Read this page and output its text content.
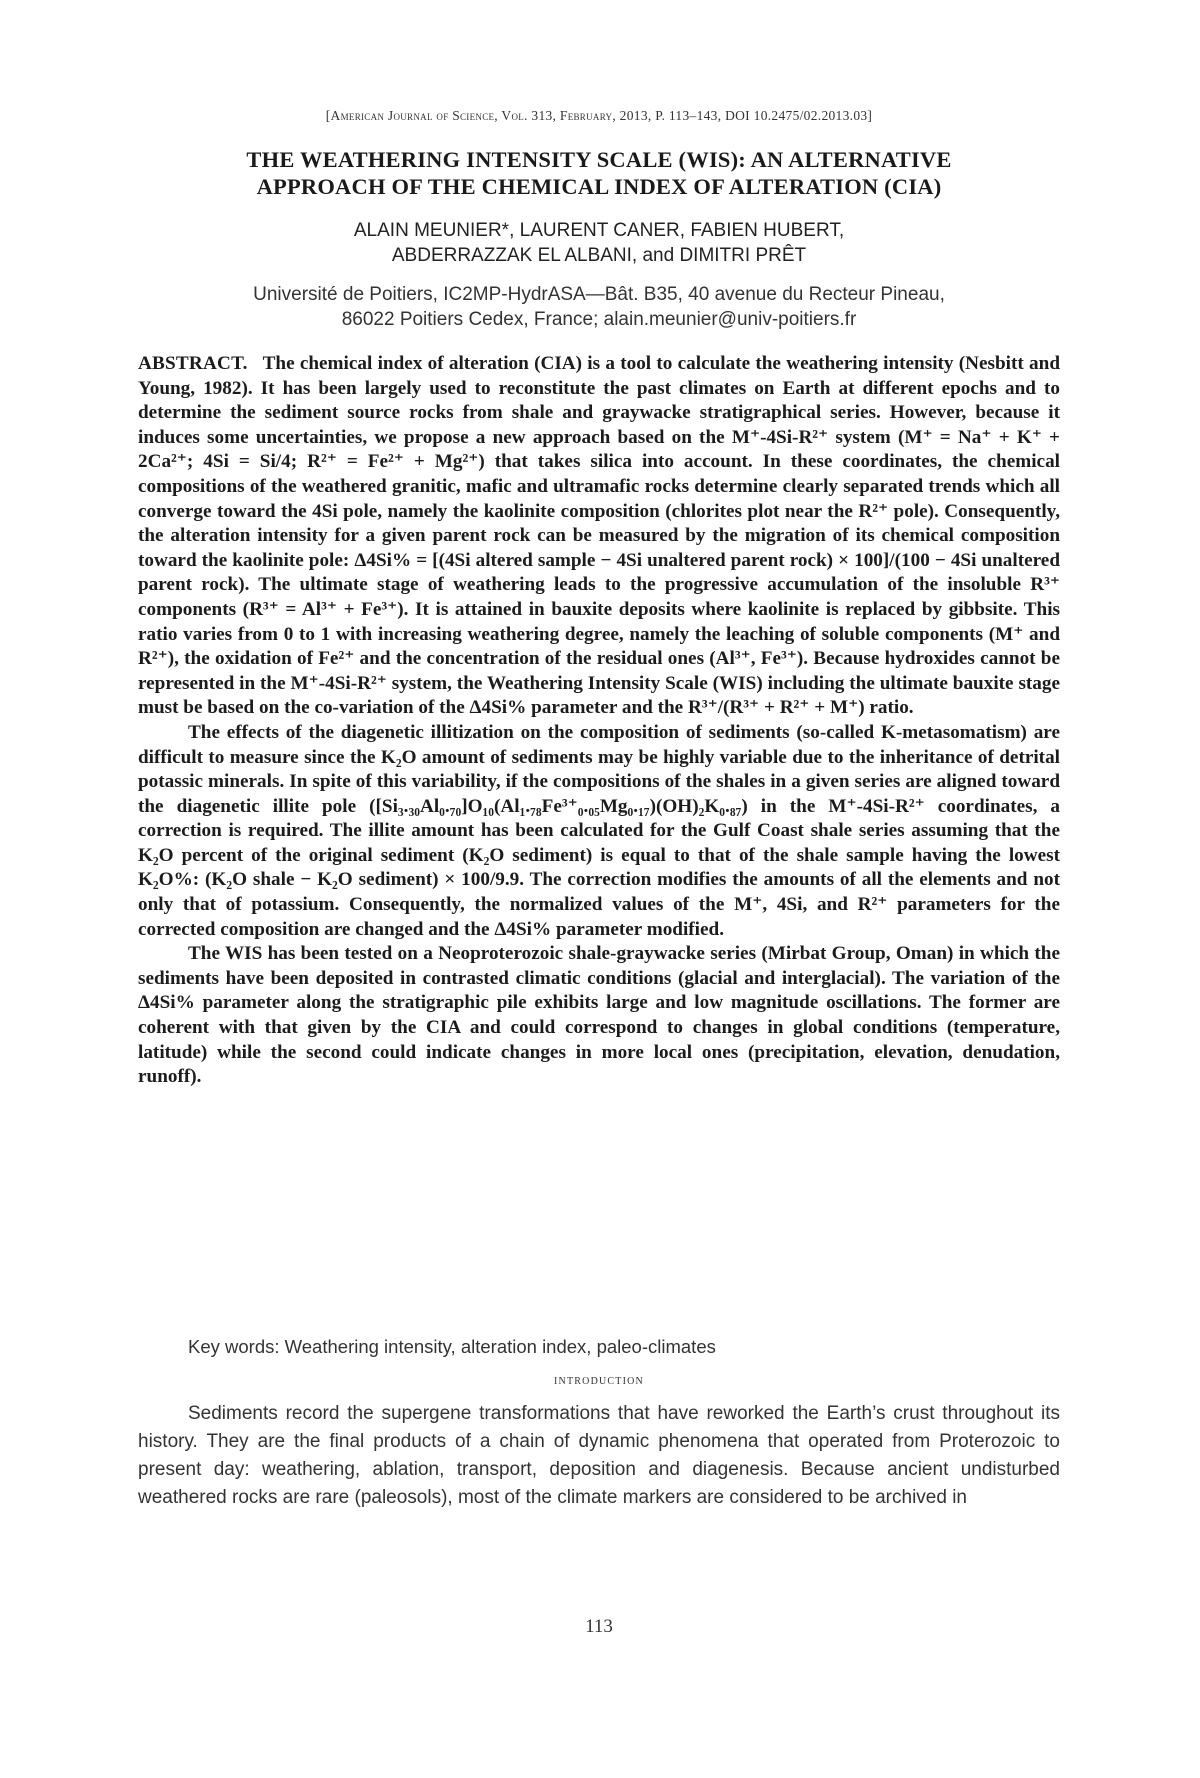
[American Journal of Science, Vol. 313, February, 2013, P. 113–143, DOI 10.2475/02.2013.03]
THE WEATHERING INTENSITY SCALE (WIS): AN ALTERNATIVE
APPROACH OF THE CHEMICAL INDEX OF ALTERATION (CIA)
ALAIN MEUNIER*, LAURENT CANER, FABIEN HUBERT,
ABDERRAZZAK EL ALBANI, and DIMITRI PRÊT
Université de Poitiers, IC2MP-HydrASA—Bât. B35, 40 avenue du Recteur Pineau,
86022 Poitiers Cedex, France; alain.meunier@univ-poitiers.fr

ABSTRACT. The chemical index of alteration (CIA) is a tool to calculate the weathering intensity (Nesbitt and Young, 1982). It has been largely used to reconstitute the past climates on Earth at different epochs and to determine the sediment source rocks from shale and graywacke stratigraphical series. However, because it induces some uncertainties, we propose a new approach based on the M⁺-4Si-R²⁺ system (M⁺ = Na⁺ + K⁺ + 2Ca²⁺; 4Si = Si/4; R²⁺ = Fe²⁺ + Mg²⁺) that takes silica into account. In these coordinates, the chemical compositions of the weathered granitic, mafic and ultramafic rocks determine clearly separated trends which all converge toward the 4Si pole, namely the kaolinite composition (chlorites plot near the R²⁺ pole). Consequently, the alteration intensity for a given parent rock can be measured by the migration of its chemical composition toward the kaolinite pole: Δ4Si% = [(4Si altered sample − 4Si unaltered parent rock) × 100]/(100 − 4Si unaltered parent rock). The ultimate stage of weathering leads to the progressive accumulation of the insoluble R³⁺ components (R³⁺ = Al³⁺ + Fe³⁺). It is attained in bauxite deposits where kaolinite is replaced by gibbsite. This ratio varies from 0 to 1 with increasing weathering degree, namely the leaching of soluble components (M⁺ and R²⁺), the oxidation of Fe²⁺ and the concentration of the residual ones (Al³⁺, Fe³⁺). Because hydroxides cannot be represented in the M⁺-4Si-R²⁺ system, the Weathering Intensity Scale (WIS) including the ultimate bauxite stage must be based on the co-variation of the Δ4Si% parameter and the R³⁺/(R³⁺ + R²⁺ + M⁺) ratio.

The effects of the diagenetic illitization on the composition of sediments (so-called K-metasomatism) are difficult to measure since the K₂O amount of sediments may be highly variable due to the inheritance of detrital potassic minerals. In spite of this variability, if the compositions of the shales in a given series are aligned toward the diagenetic illite pole ([Si₃.₃₀Al₀.₇₀]O₁₀(Al₁.₇₈Fe³⁺₀.₀₅Mg₀.₁₇)(OH)₂K₀.₈₇) in the M⁺-4Si-R²⁺ coordinates, a correction is required. The illite amount has been calculated for the Gulf Coast shale series assuming that the K₂O percent of the original sediment (K₂O sediment) is equal to that of the shale sample having the lowest K₂O%: (K₂O shale − K₂O sediment) × 100/9.9. The correction modifies the amounts of all the elements and not only that of potassium. Consequently, the normalized values of the M⁺, 4Si, and R²⁺ parameters for the corrected composition are changed and the Δ4Si% parameter modified.

The WIS has been tested on a Neoproterozoic shale-graywacke series (Mirbat Group, Oman) in which the sediments have been deposited in contrasted climatic conditions (glacial and interglacial). The variation of the Δ4Si% parameter along the stratigraphic pile exhibits large and low magnitude oscillations. The former are coherent with that given by the CIA and could correspond to changes in global conditions (temperature, latitude) while the second could indicate changes in more local ones (precipitation, elevation, denudation, runoff).

Key words: Weathering intensity, alteration index, paleo-climates
introduction

Sediments record the supergene transformations that have reworked the Earth’s crust throughout its history. They are the final products of a chain of dynamic phenomena that operated from Proterozoic to present day: weathering, ablation, transport, deposition and diagenesis. Because ancient undisturbed weathered rocks are rare (paleosols), most of the climate markers are considered to be archived in

113
